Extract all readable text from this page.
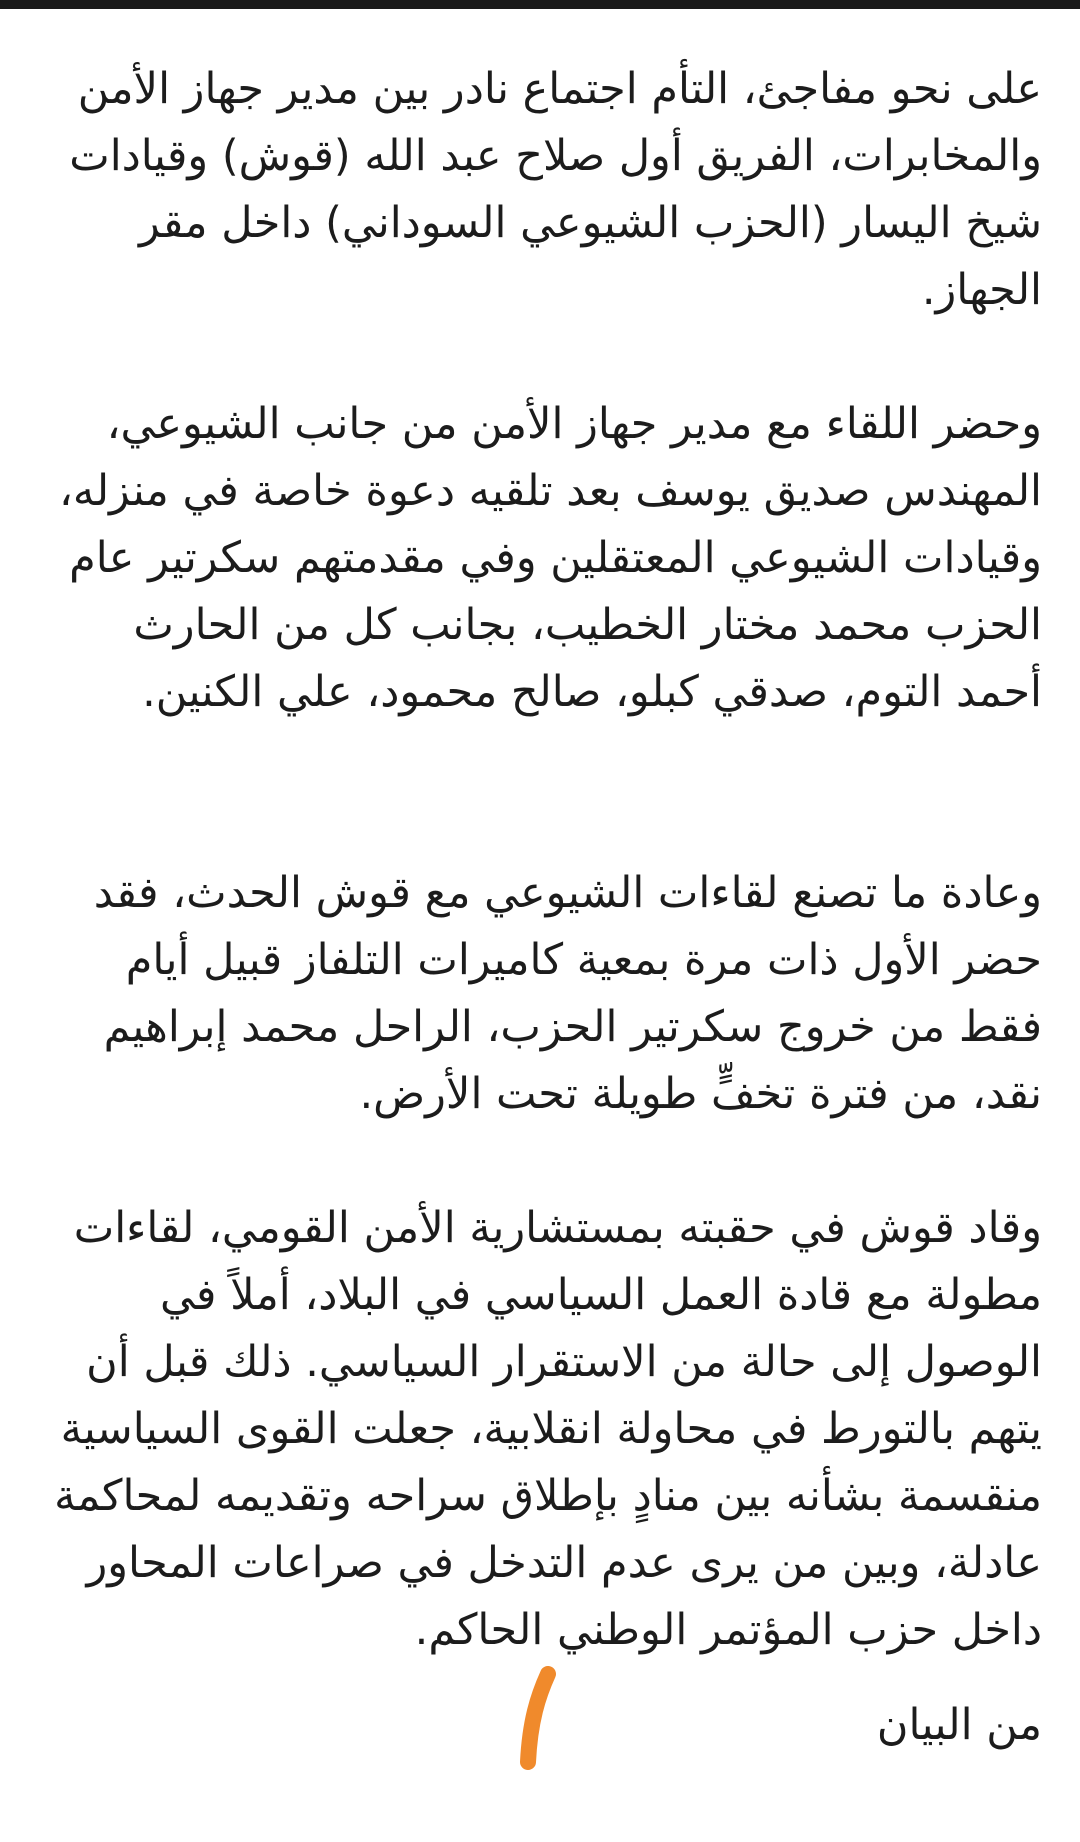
على نحو مفاجئ، التأم اجتماع نادر بين مدير جهاز الأمن والمخابرات، الفريق أول صلاح عبد الله (قوش) وقيادات شيخ اليسار (الحزب الشيوعي السوداني) داخل مقر الجهاز.

وحضر اللقاء مع مدير جهاز الأمن من جانب الشيوعي، المهندس صديق يوسف بعد تلقيه دعوة خاصة في منزله، وقيادات الشيوعي المعتقلين وفي مقدمتهم سكرتير عام الحزب محمد مختار الخطيب، بجانب كل من الحارث أحمد التوم، صدقي كبلو، صالح محمود، علي الكنين.

وعادة ما تصنع لقاءات الشيوعي مع قوش الحدث، فقد حضر الأول ذات مرة بمعية كاميرات التلفاز قبيل أيام فقط من خروج سكرتير الحزب، الراحل محمد إبراهيم نقد، من فترة تخفٍّ طويلة تحت الأرض.

وقاد قوش في حقبته بمستشارية الأمن القومي، لقاءات مطولة مع قادة العمل السياسي في البلاد، أملاً في الوصول إلى حالة من الاستقرار السياسي. ذلك قبل أن يتهم بالتورط في محاولة انقلابية، جعلت القوى السياسية منقسمة بشأنه بين منادٍ بإطلاق سراحه وتقديمه لمحاكمة عادلة، وبين من يرى عدم التدخل في صراعات المحاور داخل حزب المؤتمر الوطني الحاكم.

من البيان
